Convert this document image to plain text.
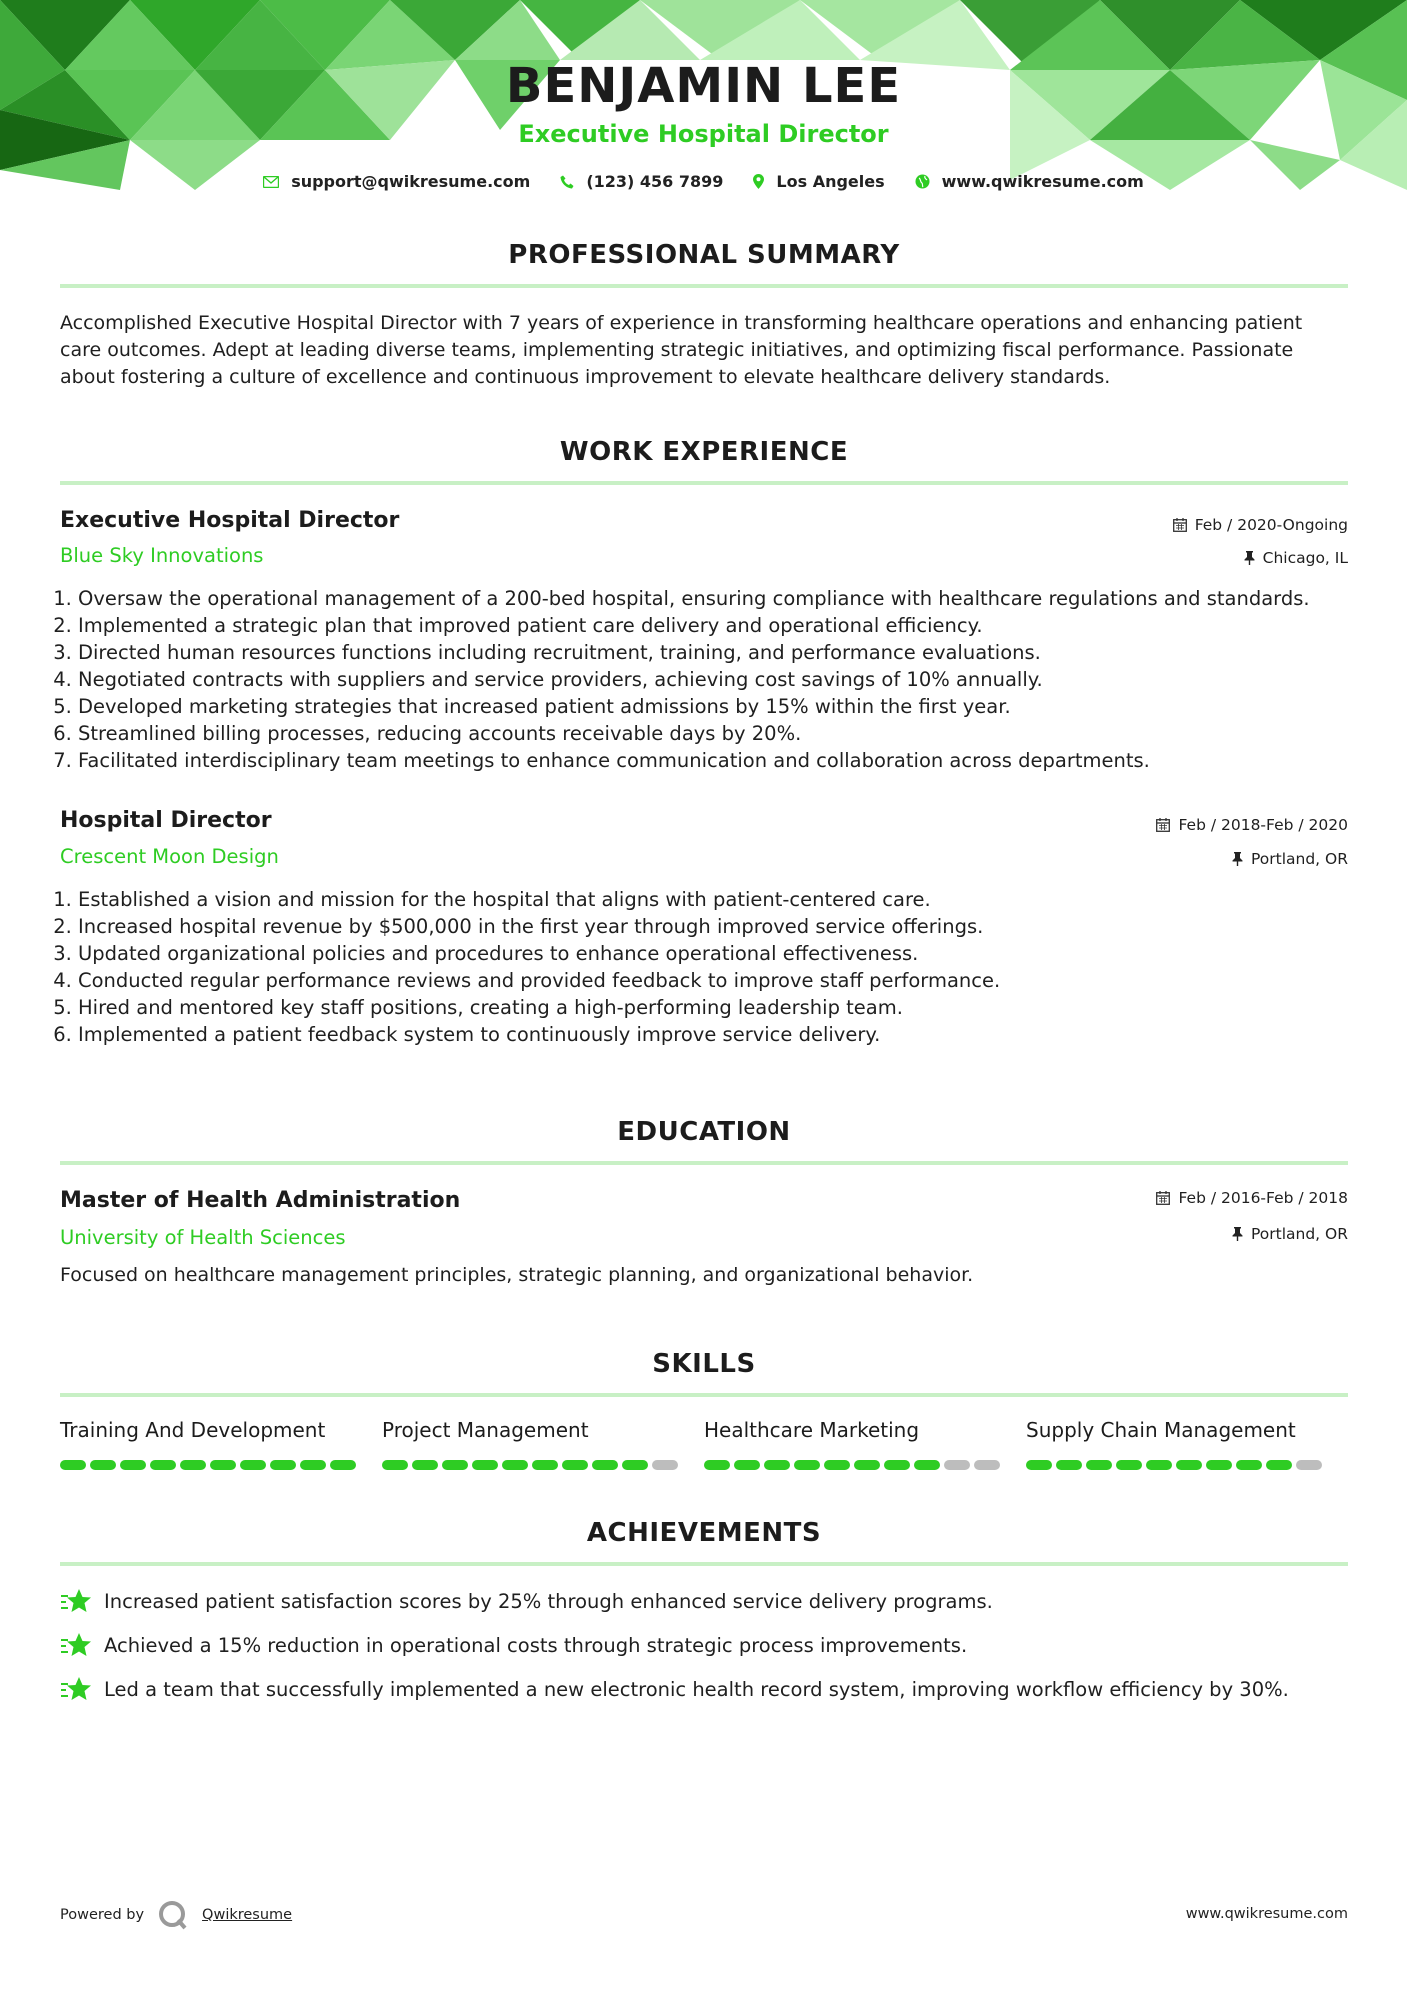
BENJAMIN LEE
Executive Hospital Director
support@qwikresume.com	(123) 456 7899	Los Angeles	www.qwikresume.com
PROFESSIONAL SUMMARY
Accomplished Executive Hospital Director with 7 years of experience in transforming healthcare operations and enhancing patient care outcomes. Adept at leading diverse teams, implementing strategic initiatives, and optimizing fiscal performance. Passionate about fostering a culture of excellence and continuous improvement to elevate healthcare delivery standards.
WORK EXPERIENCE
Executive Hospital Director	Feb / 2020-Ongoing
Blue Sky Innovations	Chicago, IL
1. Oversaw the operational management of a 200-bed hospital, ensuring compliance with healthcare regulations and standards.
2. Implemented a strategic plan that improved patient care delivery and operational efficiency.
3. Directed human resources functions including recruitment, training, and performance evaluations.
4. Negotiated contracts with suppliers and service providers, achieving cost savings of 10% annually.
5. Developed marketing strategies that increased patient admissions by 15% within the first year.
6. Streamlined billing processes, reducing accounts receivable days by 20%.
7. Facilitated interdisciplinary team meetings to enhance communication and collaboration across departments.
Hospital Director	Feb / 2018-Feb / 2020
Crescent Moon Design	Portland, OR
1. Established a vision and mission for the hospital that aligns with patient-centered care.
2. Increased hospital revenue by $500,000 in the first year through improved service offerings.
3. Updated organizational policies and procedures to enhance operational effectiveness.
4. Conducted regular performance reviews and provided feedback to improve staff performance.
5. Hired and mentored key staff positions, creating a high-performing leadership team.
6. Implemented a patient feedback system to continuously improve service delivery.
EDUCATION
Master of Health Administration	Feb / 2016-Feb / 2018
University of Health Sciences	Portland, OR
Focused on healthcare management principles, strategic planning, and organizational behavior.
SKILLS
Training And Development	Project Management	Healthcare Marketing	Supply Chain Management
ACHIEVEMENTS
Increased patient satisfaction scores by 25% through enhanced service delivery programs.
Achieved a 15% reduction in operational costs through strategic process improvements.
Led a team that successfully implemented a new electronic health record system, improving workflow efficiency by 30%.
Powered by	Qwikresume	www.qwikresume.com
